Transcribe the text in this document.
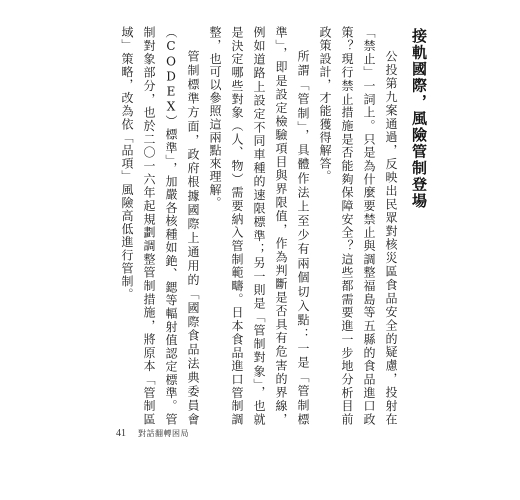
接軌國際，風險管制登場

公投第九案通過，反映出民眾對核災區食品安全的疑慮，投射在「禁止」一詞上。只是為什麼要禁止與調整福島等五縣的食品進口政策？現行禁止措施是否能夠保障安全？這些都需要進一步地分析目前政策設計，才能獲得解答。

所謂「管制」，具體作法上至少有兩個切入點：一是「管制標準」，即是設定檢驗項目與界限值，作為判斷是否具有危害的界線，例如道路上設定不同車種的速限標準；另一則是「管制對象」，也就是決定哪些對象（人、物）需要納入管制範疇。日本食品進口管制調整，也可以參照這兩點來理解。

管制標準方面，政府根據國際上通用的「國際食品法典委員會（CODEX）標準」，加嚴各核種如銫、鍶等輻射值認定標準。管制對象部分，也於二〇一六年起規劃調整管制措施，將原本「管制區域」策略，改為依「品項」風險高低進行管制。

41 對話翻轉困局
